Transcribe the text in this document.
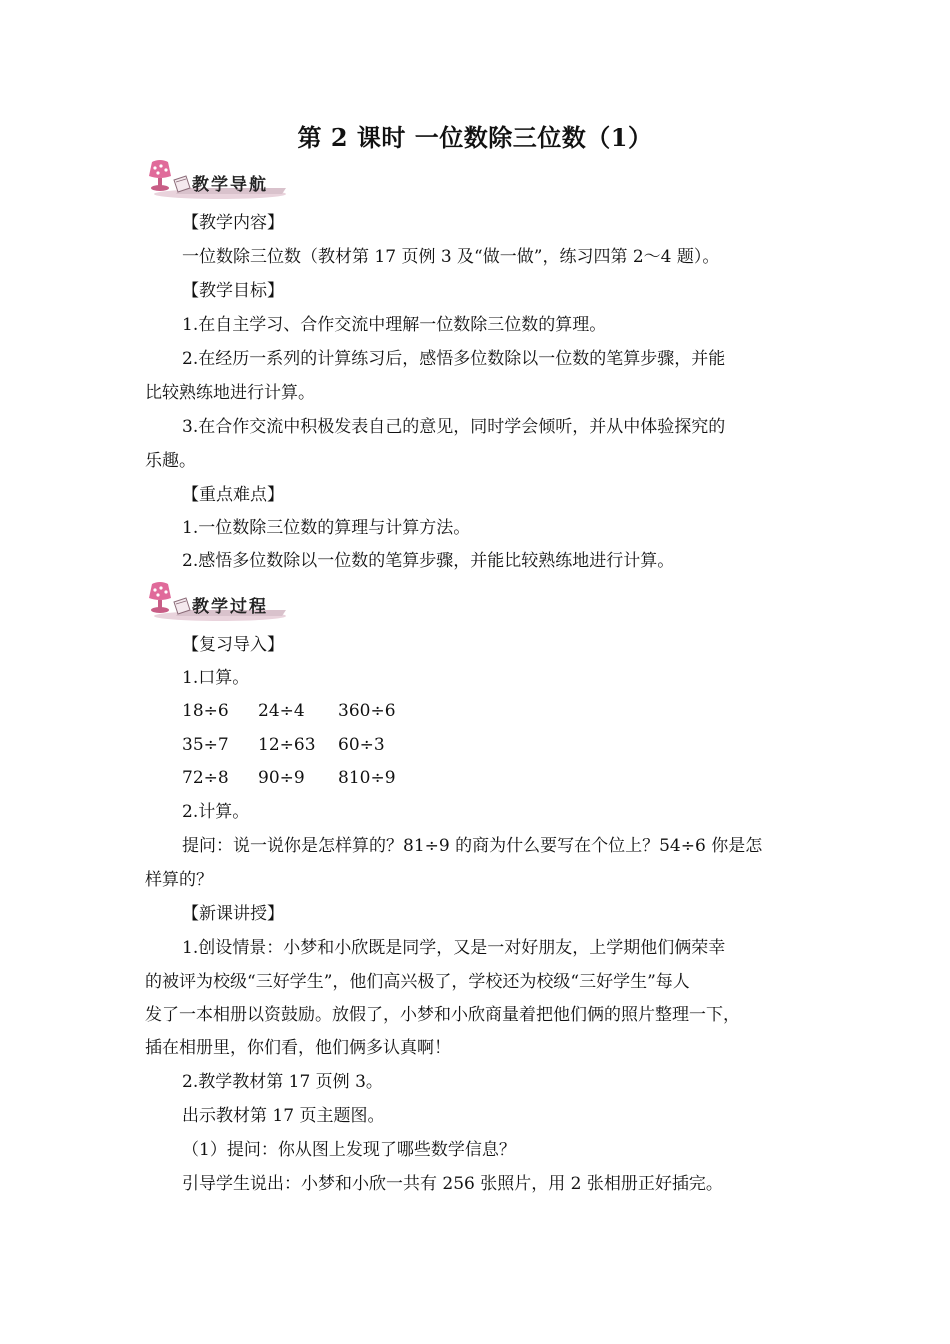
第 2 课时 一位数除三位数（1）
教学导航
【教学内容】
一位数除三位数（教材第 17 页例 3 及“做一做”，练习四第 2～4 题）。
【教学目标】
1.在自主学习、合作交流中理解一位数除三位数的算理。
2.在经历一系列的计算练习后，感悟多位数除以一位数的笔算步骤，并能
比较熟练地进行计算。
3.在合作交流中积极发表自己的意见，同时学会倾听，并从中体验探究的
乐趣。
【重点难点】
1.一位数除三位数的算理与计算方法。
2.感悟多位数除以一位数的笔算步骤，并能比较熟练地进行计算。
教学过程
【复习导入】
1.口算。
18÷6 24÷4 360÷6
35÷7 12÷63 60÷3
72÷8 90÷9 810÷9
2.计算。
提问：说一说你是怎样算的？81÷9 的商为什么要写在个位上？54÷6 你是怎
样算的？
【新课讲授】
1.创设情景：小梦和小欣既是同学，又是一对好朋友，上学期他们俩荣幸
的被评为校级“三好学生”，他们高兴极了，学校还为校级“三好学生”每人
发了一本相册以资鼓励。放假了，小梦和小欣商量着把他们俩的照片整理一下，
插在相册里，你们看，他们俩多认真啊！
2.教学教材第 17 页例 3。
出示教材第 17 页主题图。
（1）提问：你从图上发现了哪些数学信息？
引导学生说出：小梦和小欣一共有 256 张照片，用 2 张相册正好插完。
